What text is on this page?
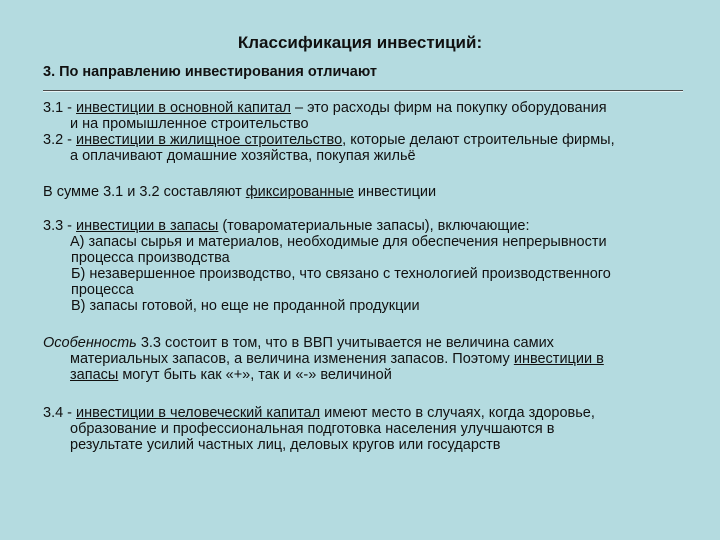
Классификация инвестиций:
3. По направлению инвестирования отличают
3.1 - инвестиции в основной капитал – это расходы фирм на покупку оборудования
и на промышленное строительство
3.2 - инвестиции в жилищное строительство, которые делают строительные фирмы,
а оплачивают домашние хозяйства, покупая жильё
В сумме 3.1 и 3.2 составляют фиксированные инвестиции
3.3 - инвестиции в запасы (товароматериальные запасы), включающие:
А) запасы сырья и материалов, необходимые для обеспечения непрерывности
процесса производства
Б) незавершенное производство, что связано с технологией производственного
процесса
В) запасы готовой, но еще не проданной продукции
Особенность 3.3 состоит в том, что в ВВП учитывается не величина самих
материальных запасов, а величина изменения запасов. Поэтому инвестиции в
запасы могут быть как «+», так и «-» величиной
3.4 - инвестиции в человеческий капитал имеют место в случаях, когда здоровье,
образование и профессиональная подготовка населения улучшаются в
результате усилий частных лиц, деловых кругов или государств
